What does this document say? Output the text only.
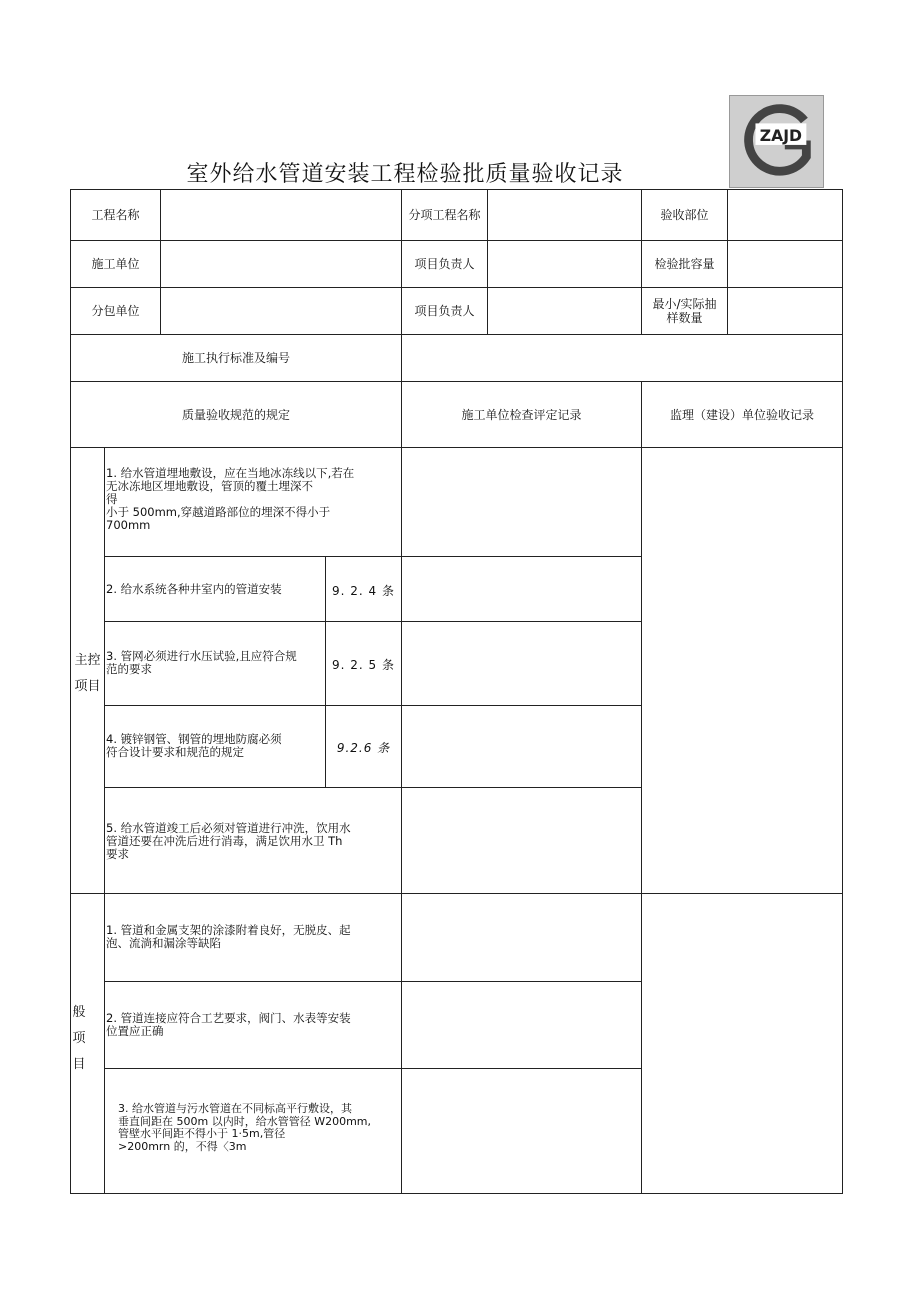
ZAJD
室外给水管道安装工程检验批质量验收记录
工程名称	分项工程名称	验收部位
施工单位	项目负责人	检验批容量
分包单位	项目负责人	最小/实际抽
样数量
施工执行标准及编号
质量验收规范的规定	施工单位检查评定记录	监理（建设）单位验收记录
主控
项目
1. 给水管道埋地敷设，应在当地冰冻线以下,若在
无冰冻地区埋地敷设，管顶的覆土埋深不
得
小于 500mm,穿越道路部位的埋深不得小于
700mm
2. 给水系统各种井室内的管道安装	9. 2. 4 条
3. 管网必须进行水压试验,且应符合规
范的要求	9. 2. 5 条
4. 镀锌钢管、钢管的埋地防腐必须
符合设计要求和规范的规定	9.2.6 条
5. 给水管道竣工后必须对管道进行冲洗，饮用水
管道还要在冲洗后进行消毒，满足饮用水卫 Th
要求
般
项
目
1. 管道和金属支架的涂漆附着良好，无脱皮、起
泡、流淌和漏涂等缺陷
2. 管道连接应符合工艺要求，阀门、水表等安装
位置应正确
3. 给水管道与污水管道在不同标高平行敷设，其
垂直间距在 500m 以内时，给水管管径 W200mm,
管壁水平间距不得小于 1·5m,管径
>200mrn 的，不得〈3m
